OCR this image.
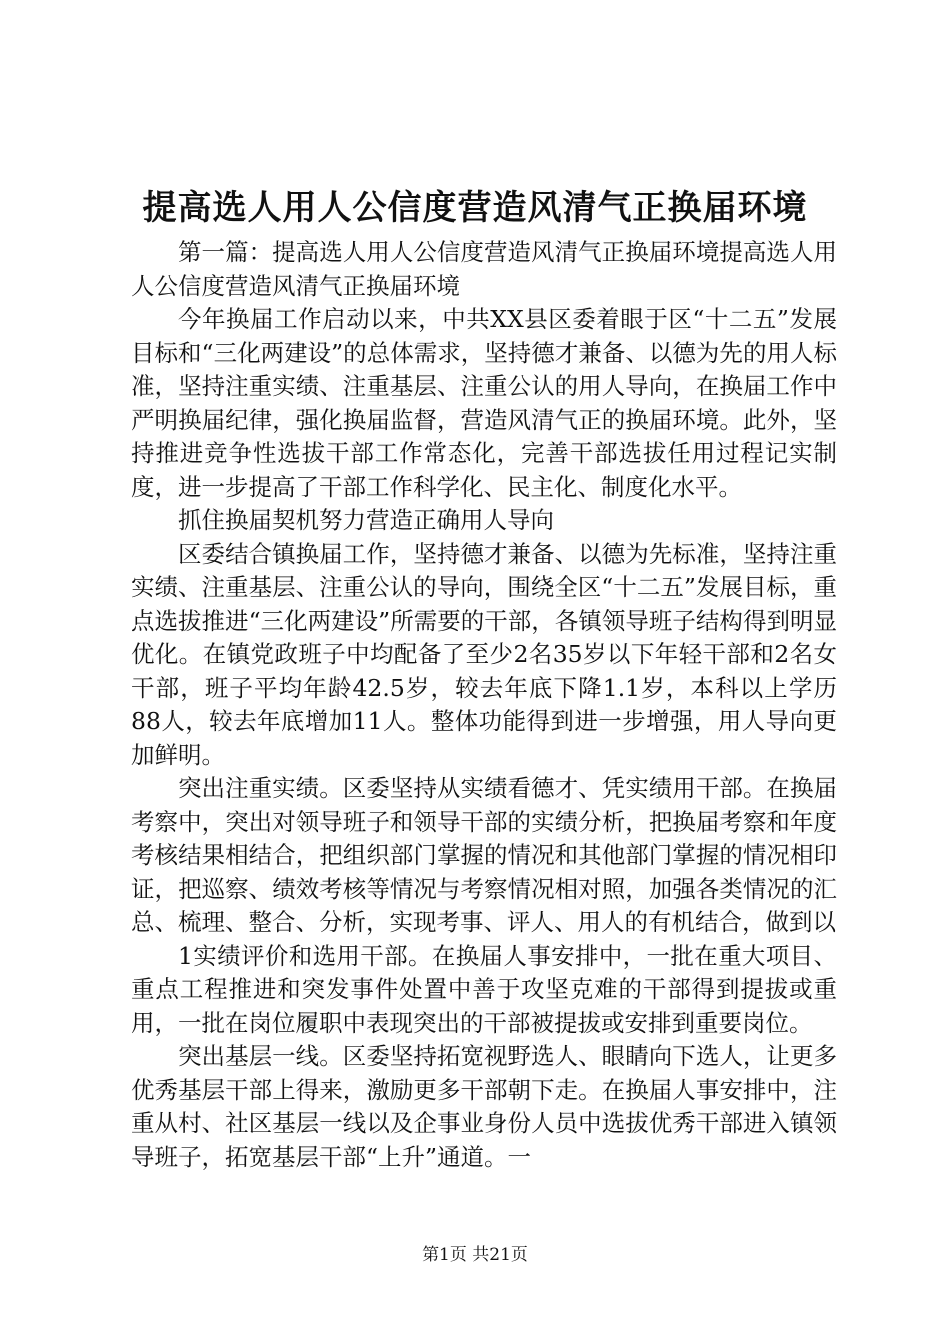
提高选人用人公信度营造风清气正换届环境

第一篇：提高选人用人公信度营造风清气正换届环境提高选人用人公信度营造风清气正换届环境

今年换届工作启动以来，中共XX县区委着眼于区“十二五”发展目标和“三化两建设”的总体需求，坚持德才兼备、以德为先的用人标准，坚持注重实绩、注重基层、注重公认的用人导向，在换届工作中严明换届纪律，强化换届监督，营造风清气正的换届环境。此外，坚持推进竞争性选拔干部工作常态化，完善干部选拔任用过程记实制度，进一步提高了干部工作科学化、民主化、制度化水平。

抓住换届契机努力营造正确用人导向

区委结合镇换届工作，坚持德才兼备、以德为先标准，坚持注重实绩、注重基层、注重公认的导向，围绕全区“十二五”发展目标，重点选拔推进“三化两建设”所需要的干部，各镇领导班子结构得到明显优化。在镇党政班子中均配备了至少2名35岁以下年轻干部和2名女干部，班子平均年龄42.5岁，较去年底下降1.1岁，本科以上学历88人，较去年底增加11人。整体功能得到进一步增强，用人导向更加鲜明。

突出注重实绩。区委坚持从实绩看德才、凭实绩用干部。在换届考察中，突出对领导班子和领导干部的实绩分析，把换届考察和年度考核结果相结合，把组织部门掌握的情况和其他部门掌握的情况相印证，把巡察、绩效考核等情况与考察情况相对照，加强各类情况的汇总、梳理、整合、分析，实现考事、评人、用人的有机结合，做到以

1实绩评价和选用干部。在换届人事安排中，一批在重大项目、重点工程推进和突发事件处置中善于攻坚克难的干部得到提拔或重用，一批在岗位履职中表现突出的干部被提拔或安排到重要岗位。

突出基层一线。区委坚持拓宽视野选人、眼睛向下选人，让更多优秀基层干部上得来，激励更多干部朝下走。在换届人事安排中，注重从村、社区基层一线以及企事业身份人员中选拔优秀干部进入镇领导班子，拓宽基层干部“上升”通道。一

第1页 共21页
